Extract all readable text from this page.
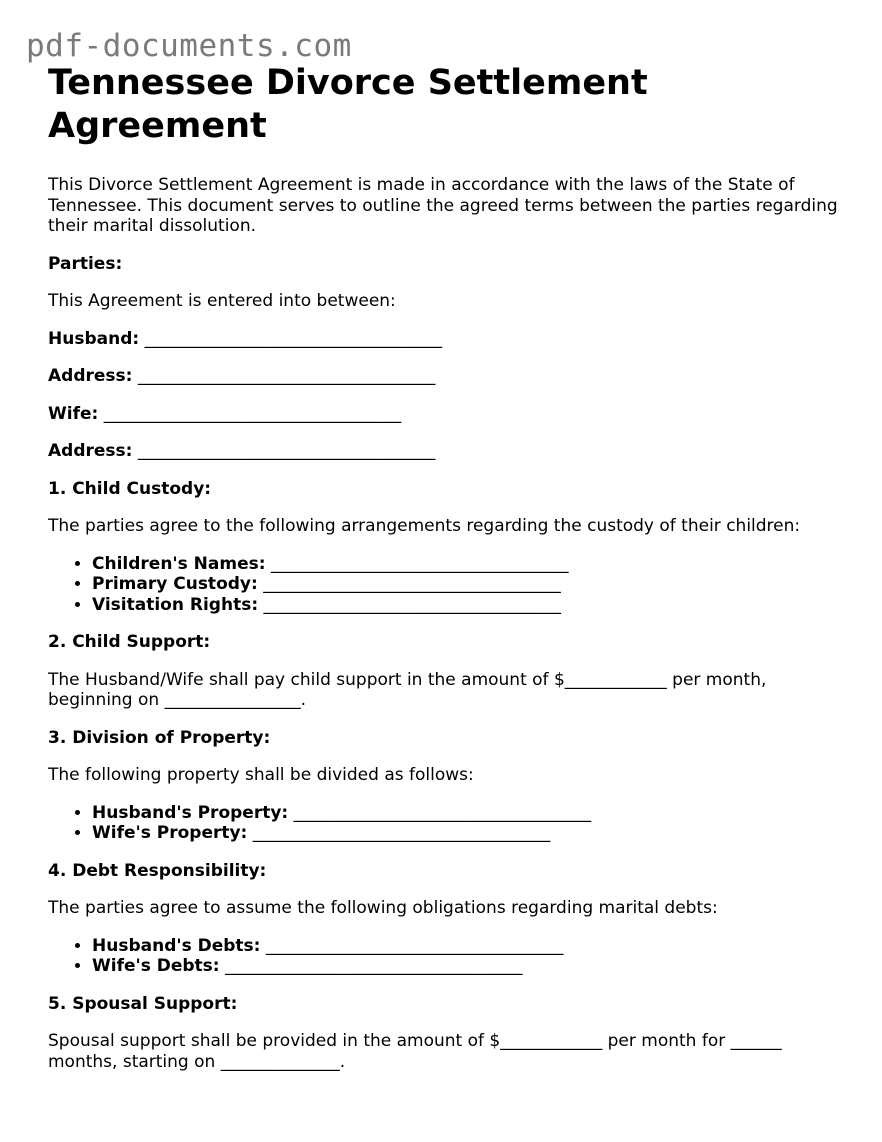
pdf-documents.com
Tennessee Divorce Settlement Agreement

This Divorce Settlement Agreement is made in accordance with the laws of the State of Tennessee. This document serves to outline the agreed terms between the parties regarding their marital dissolution.

Parties:

This Agreement is entered into between:

Husband: ___________________________________

Address: ___________________________________

Wife: ___________________________________

Address: ___________________________________

1. Child Custody:

The parties agree to the following arrangements regarding the custody of their children:

• Children's Names: ___________________________________
• Primary Custody: ___________________________________
• Visitation Rights: ___________________________________

2. Child Support:

The Husband/Wife shall pay child support in the amount of $____________ per month, beginning on ________________.

3. Division of Property:

The following property shall be divided as follows:

• Husband's Property: ___________________________________
• Wife's Property: ___________________________________

4. Debt Responsibility:

The parties agree to assume the following obligations regarding marital debts:

• Husband's Debts: ___________________________________
• Wife's Debts: ___________________________________

5. Spousal Support:

Spousal support shall be provided in the amount of $____________ per month for ______ months, starting on ______________.
